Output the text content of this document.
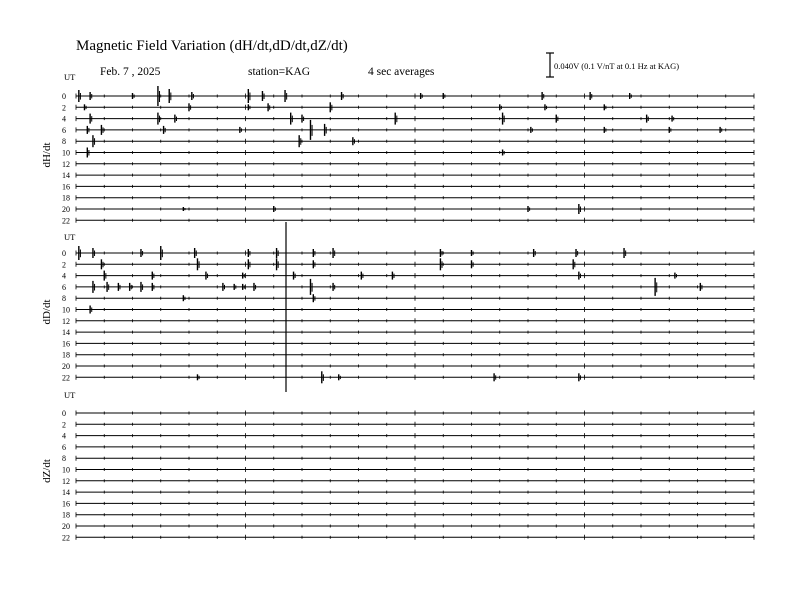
Magnetic Field Variation (dH/dt,dD/dt,dZ/dt)
Feb. 7 , 2025	station=KAG	4 sec averages	0.040V (0.1 V/nT at 0.1 Hz at KAG)
UT
dH/dt
0
2
4
6
8
10
12
14
16
18
20
22
UT
dD/dt
0
2
4
6
8
10
12
14
16
18
20
22
UT
dZ/dt
0
2
4
6
8
10
12
14
16
18
20
22
